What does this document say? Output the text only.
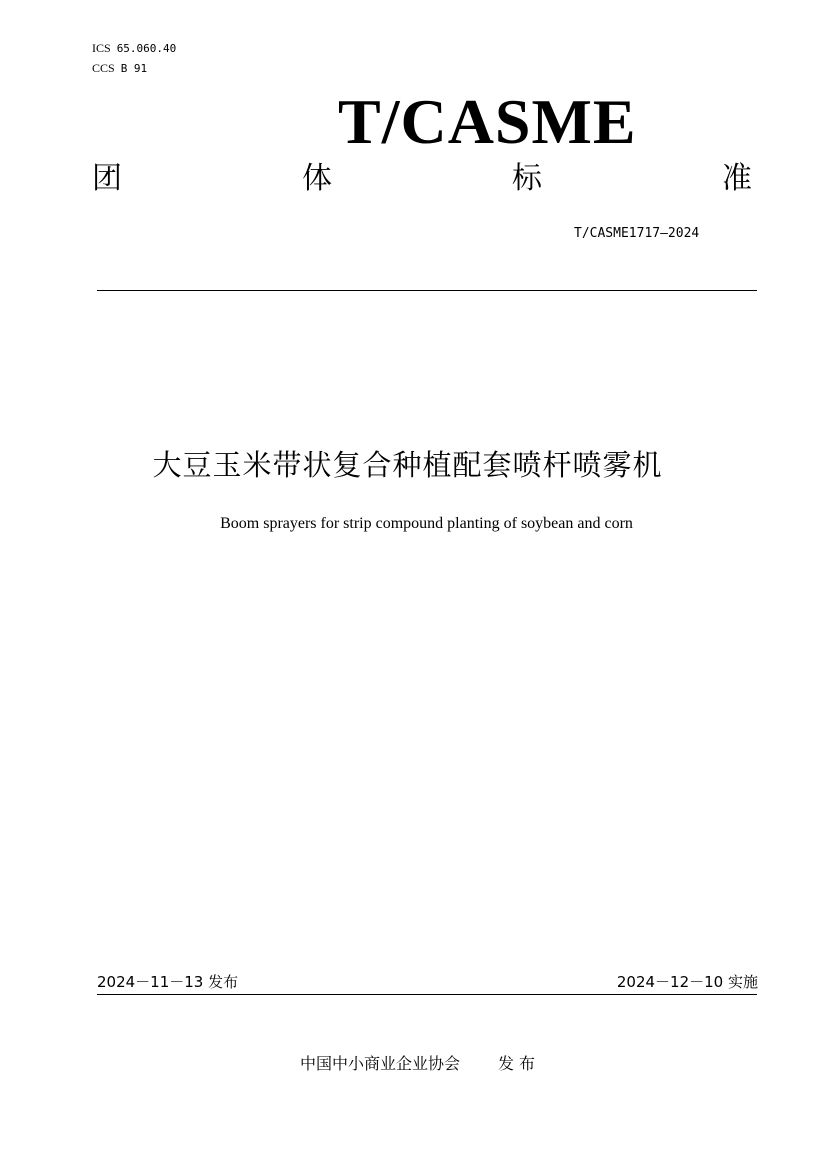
ICS 65.060.40
CCS B 91
T/CASME
团	体	标	准
T/CASME1717—2024
大豆玉米带状复合种植配套喷杆喷雾机
Boom sprayers for strip compound planting of soybean and corn
2024－11－13 发布	2024－12－10 实施
中国中小商业企业协会 发 布
